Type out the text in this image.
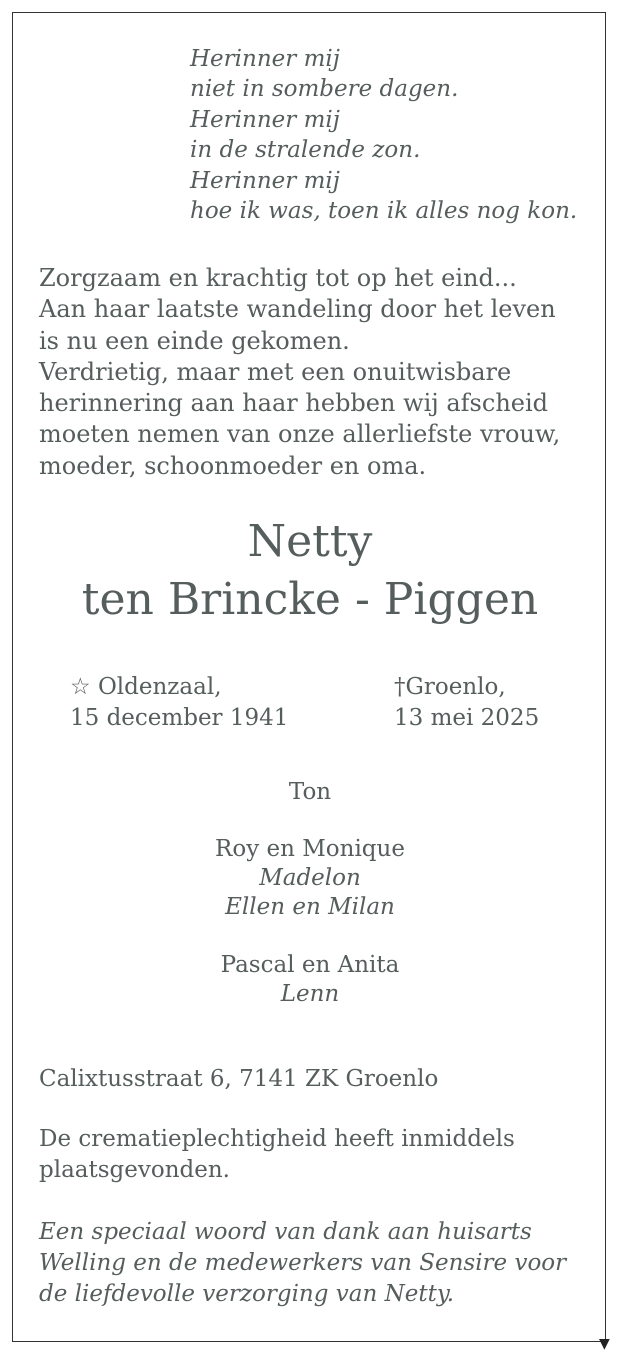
Herinner mij
niet in sombere dagen.
Herinner mij
in de stralende zon.
Herinner mij
hoe ik was, toen ik alles nog kon.
Zorgzaam en krachtig tot op het eind...
Aan haar laatste wandeling door het leven
is nu een einde gekomen.
Verdrietig, maar met een onuitwisbare
herinnering aan haar hebben wij afscheid
moeten nemen van onze allerliefste vrouw,
moeder, schoonmoeder en oma.
Netty
ten Brincke - Piggen
☆ Oldenzaal,
15 december 1941
†Groenlo,
13 mei 2025
Ton
Roy en Monique
Madelon
Ellen en Milan
Pascal en Anita
Lenn
Calixtusstraat 6, 7141 ZK Groenlo
De crematieplechtigheid heeft inmiddels
plaatsgevonden.
Een speciaal woord van dank aan huisarts
Welling en de medewerkers van Sensire voor
de liefdevolle verzorging van Netty.
▼
